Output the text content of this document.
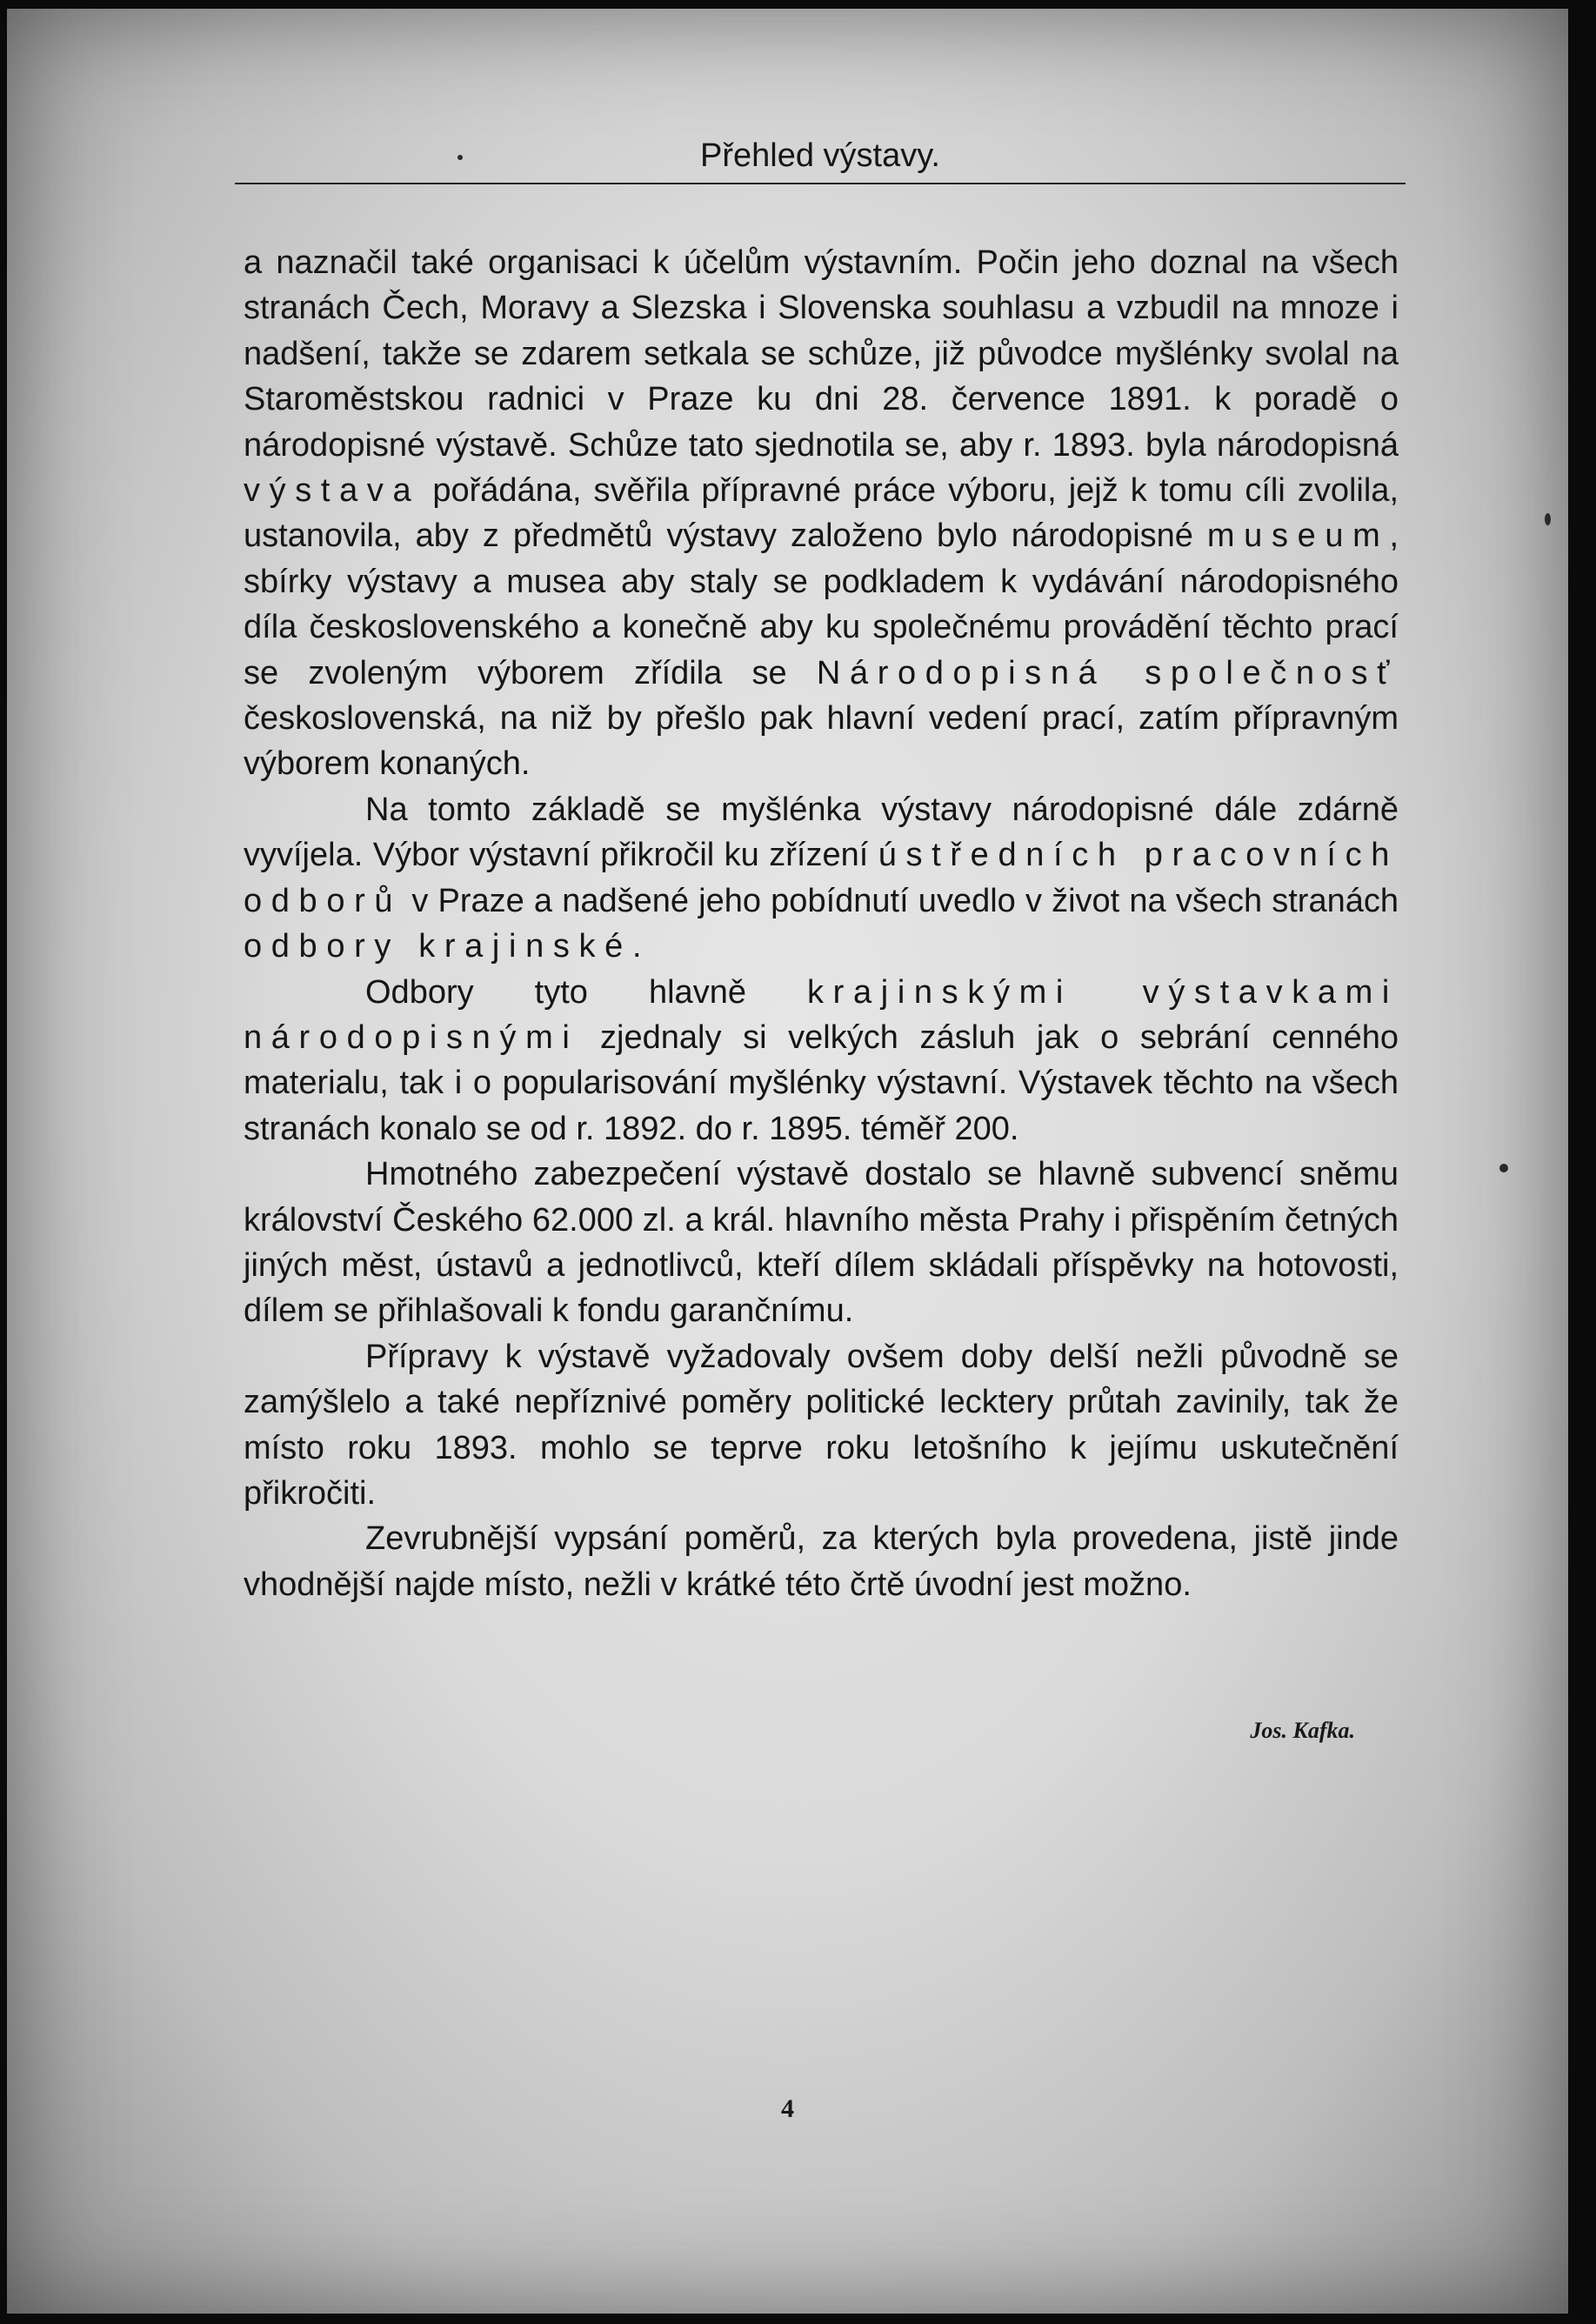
Přehled výstavy.

a naznačil také organisaci k účelům výstavním. Počin jeho doznal na všech stranách Čech, Moravy a Slezska i Slovenska souhlasu a vzbudil na mnoze i nadšení, takže se zdarem setkala se schůze, již původce myšlénky svolal na Staroměstskou radnici v Praze ku dni 28. července 1891. k poradě o národopisné výstavě. Schůze tato sjednotila se, aby r. 1893. byla národopisná výstava pořádána, svěřila přípravné práce výboru, jejž k tomu cíli zvolila, ustanovila, aby z předmětů výstavy založeno bylo národopisné museum, sbírky výstavy a musea aby staly se podkladem k vydávání národopisného díla československého a konečně aby ku společnému provádění těchto prací se zvoleným výborem zřídila se Národopisná společnosť československá, na niž by přešlo pak hlavní vedení prací, zatím přípravným výborem konaných.

Na tomto základě se myšlénka výstavy národopisné dále zdárně vyvíjela. Výbor výstavní přikročil ku zřízení ústředních pracovních odborů v Praze a nadšené jeho pobídnutí uvedlo v život na všech stranách odbory krajinské.

Odbory tyto hlavně krajinskými výstavkami národopisnými zjednaly si velkých zásluh jak o sebrání cenného materialu, tak i o popularisování myšlénky výstavní. Výstavek těchto na všech stranách konalo se od r. 1892. do r. 1895. téměř 200.

Hmotného zabezpečení výstavě dostalo se hlavně subvencí sněmu království Českého 62.000 zl. a král. hlavního města Prahy i přispěním četných jiných měst, ústavů a jednotlivců, kteří dílem skládali příspěvky na hotovosti, dílem se přihlašovali k fondu garančnímu.

Přípravy k výstavě vyžadovaly ovšem doby delší nežli původně se zamýšlelo a také nepříznivé poměry politické lecktery průtah zavinily, tak že místo roku 1893. mohlo se teprve roku letošního k jejímu uskutečnění přikročiti.

Zevrubnější vypsání poměrů, za kterých byla provedena, jistě jinde vhodnější najde místo, nežli v krátké této črtě úvodní jest možno.

Jos. Kafka.
4
